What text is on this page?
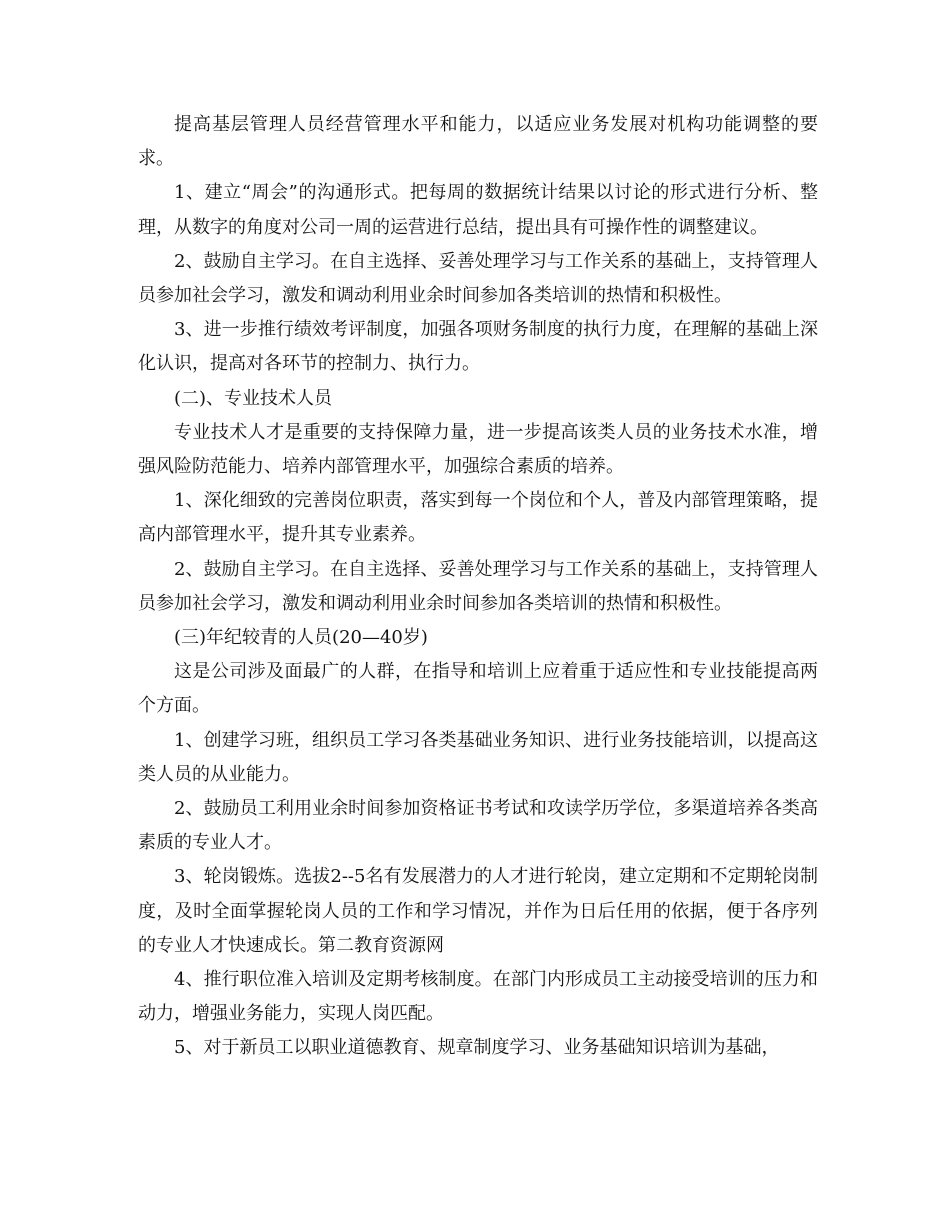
提高基层管理人员经营管理水平和能力，以适应业务发展对机构功能调整的要求。

1、建立“周会”的沟通形式。把每周的数据统计结果以讨论的形式进行分析、整理，从数字的角度对公司一周的运营进行总结，提出具有可操作性的调整建议。

2、鼓励自主学习。在自主选择、妥善处理学习与工作关系的基础上，支持管理人员参加社会学习，激发和调动利用业余时间参加各类培训的热情和积极性。

3、进一步推行绩效考评制度，加强各项财务制度的执行力度，在理解的基础上深化认识，提高对各环节的控制力、执行力。

(二)、专业技术人员

专业技术人才是重要的支持保障力量，进一步提高该类人员的业务技术水准，增强风险防范能力、培养内部管理水平，加强综合素质的培养。

1、深化细致的完善岗位职责，落实到每一个岗位和个人，普及内部管理策略，提高内部管理水平，提升其专业素养。

2、鼓励自主学习。在自主选择、妥善处理学习与工作关系的基础上，支持管理人员参加社会学习，激发和调动利用业余时间参加各类培训的热情和积极性。

(三)年纪较青的人员(20—40岁)

这是公司涉及面最广的人群，在指导和培训上应着重于适应性和专业技能提高两个方面。

1、创建学习班，组织员工学习各类基础业务知识、进行业务技能培训，以提高这类人员的从业能力。

2、鼓励员工利用业余时间参加资格证书考试和攻读学历学位，多渠道培养各类高素质的专业人才。

3、轮岗锻炼。选拔2--5名有发展潜力的人才进行轮岗，建立定期和不定期轮岗制度，及时全面掌握轮岗人员的工作和学习情况，并作为日后任用的依据，便于各序列的专业人才快速成长。第二教育资源网

4、推行职位准入培训及定期考核制度。在部门内形成员工主动接受培训的压力和动力，增强业务能力，实现人岗匹配。

5、对于新员工以职业道德教育、规章制度学习、业务基础知识培训为基础，
